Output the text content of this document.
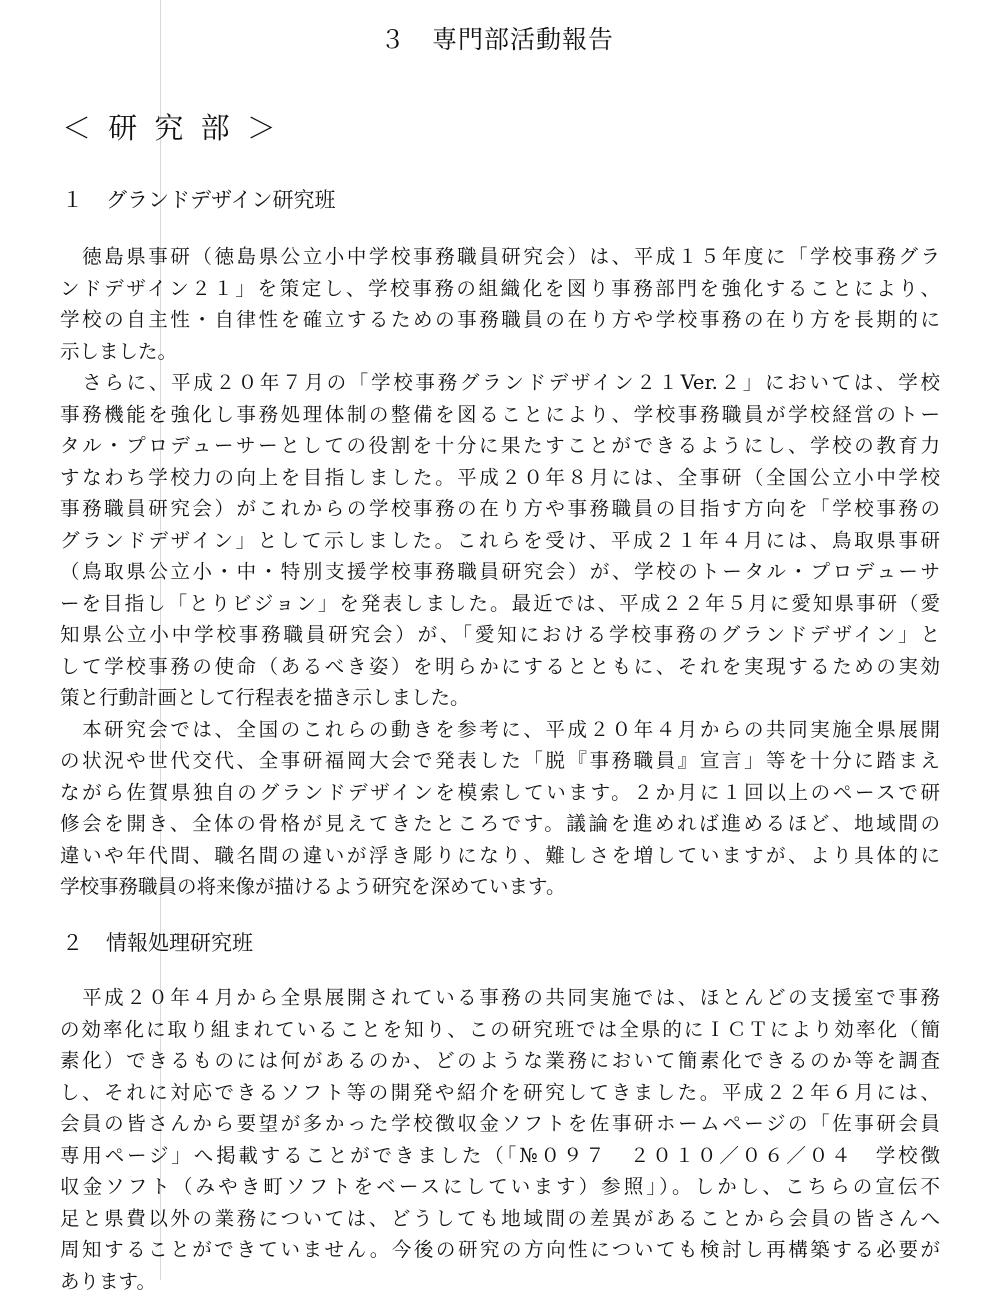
３　専門部活動報告
＜ 研 究 部 ＞
１ グランドデザイン研究班
　徳島県事研（徳島県公立小中学校事務職員研究会）は、平成１５年度に「学校事務グラ
ンドデザイン２１」を策定し、学校事務の組織化を図り事務部門を強化することにより、
学校の自主性・自律性を確立するための事務職員の在り方や学校事務の在り方を長期的に
示しました。
　さらに、平成２０年７月の「学校事務グランドデザイン２１Ver.２」においては、学校
事務機能を強化し事務処理体制の整備を図ることにより、学校事務職員が学校経営のトー
タル・プロデューサーとしての役割を十分に果たすことができるようにし、学校の教育力
すなわち学校力の向上を目指しました。平成２０年８月には、全事研（全国公立小中学校
事務職員研究会）がこれからの学校事務の在り方や事務職員の目指す方向を「学校事務の
グランドデザイン」として示しました。これらを受け、平成２１年４月には、鳥取県事研
（鳥取県公立小・中・特別支援学校事務職員研究会）が、学校のトータル・プロデューサ
ーを目指し「とりビジョン」を発表しました。最近では、平成２２年５月に愛知県事研（愛
知県公立小中学校事務職員研究会）が、「愛知における学校事務のグランドデザイン」と
して学校事務の使命（あるべき姿）を明らかにするとともに、それを実現するための実効
策と行動計画として行程表を描き示しました。
　本研究会では、全国のこれらの動きを参考に、平成２０年４月からの共同実施全県展開
の状況や世代交代、全事研福岡大会で発表した「脱『事務職員』宣言」等を十分に踏まえ
ながら佐賀県独自のグランドデザインを模索しています。２か月に１回以上のペースで研
修会を開き、全体の骨格が見えてきたところです。議論を進めれば進めるほど、地域間の
違いや年代間、職名間の違いが浮き彫りになり、難しさを増していますが、より具体的に
学校事務職員の将来像が描けるよう研究を深めています。
２ 情報処理研究班
　平成２０年４月から全県展開されている事務の共同実施では、ほとんどの支援室で事務
の効率化に取り組まれていることを知り、この研究班では全県的にＩＣＴにより効率化（簡
素化）できるものには何があるのか、どのような業務において簡素化できるのか等を調査
し、それに対応できるソフト等の開発や紹介を研究してきました。平成２２年６月には、
会員の皆さんから要望が多かった学校徴収金ソフトを佐事研ホームページの「佐事研会員
専用ページ」へ掲載することができました（「№０９７　２０１０／０６／０４　学校徴
収金ソフト（みやき町ソフトをベースにしています）参照」）。しかし、こちらの宣伝不
足と県費以外の業務については、どうしても地域間の差異があることから会員の皆さんへ
周知することができていません。今後の研究の方向性についても検討し再構築する必要が
あります。
